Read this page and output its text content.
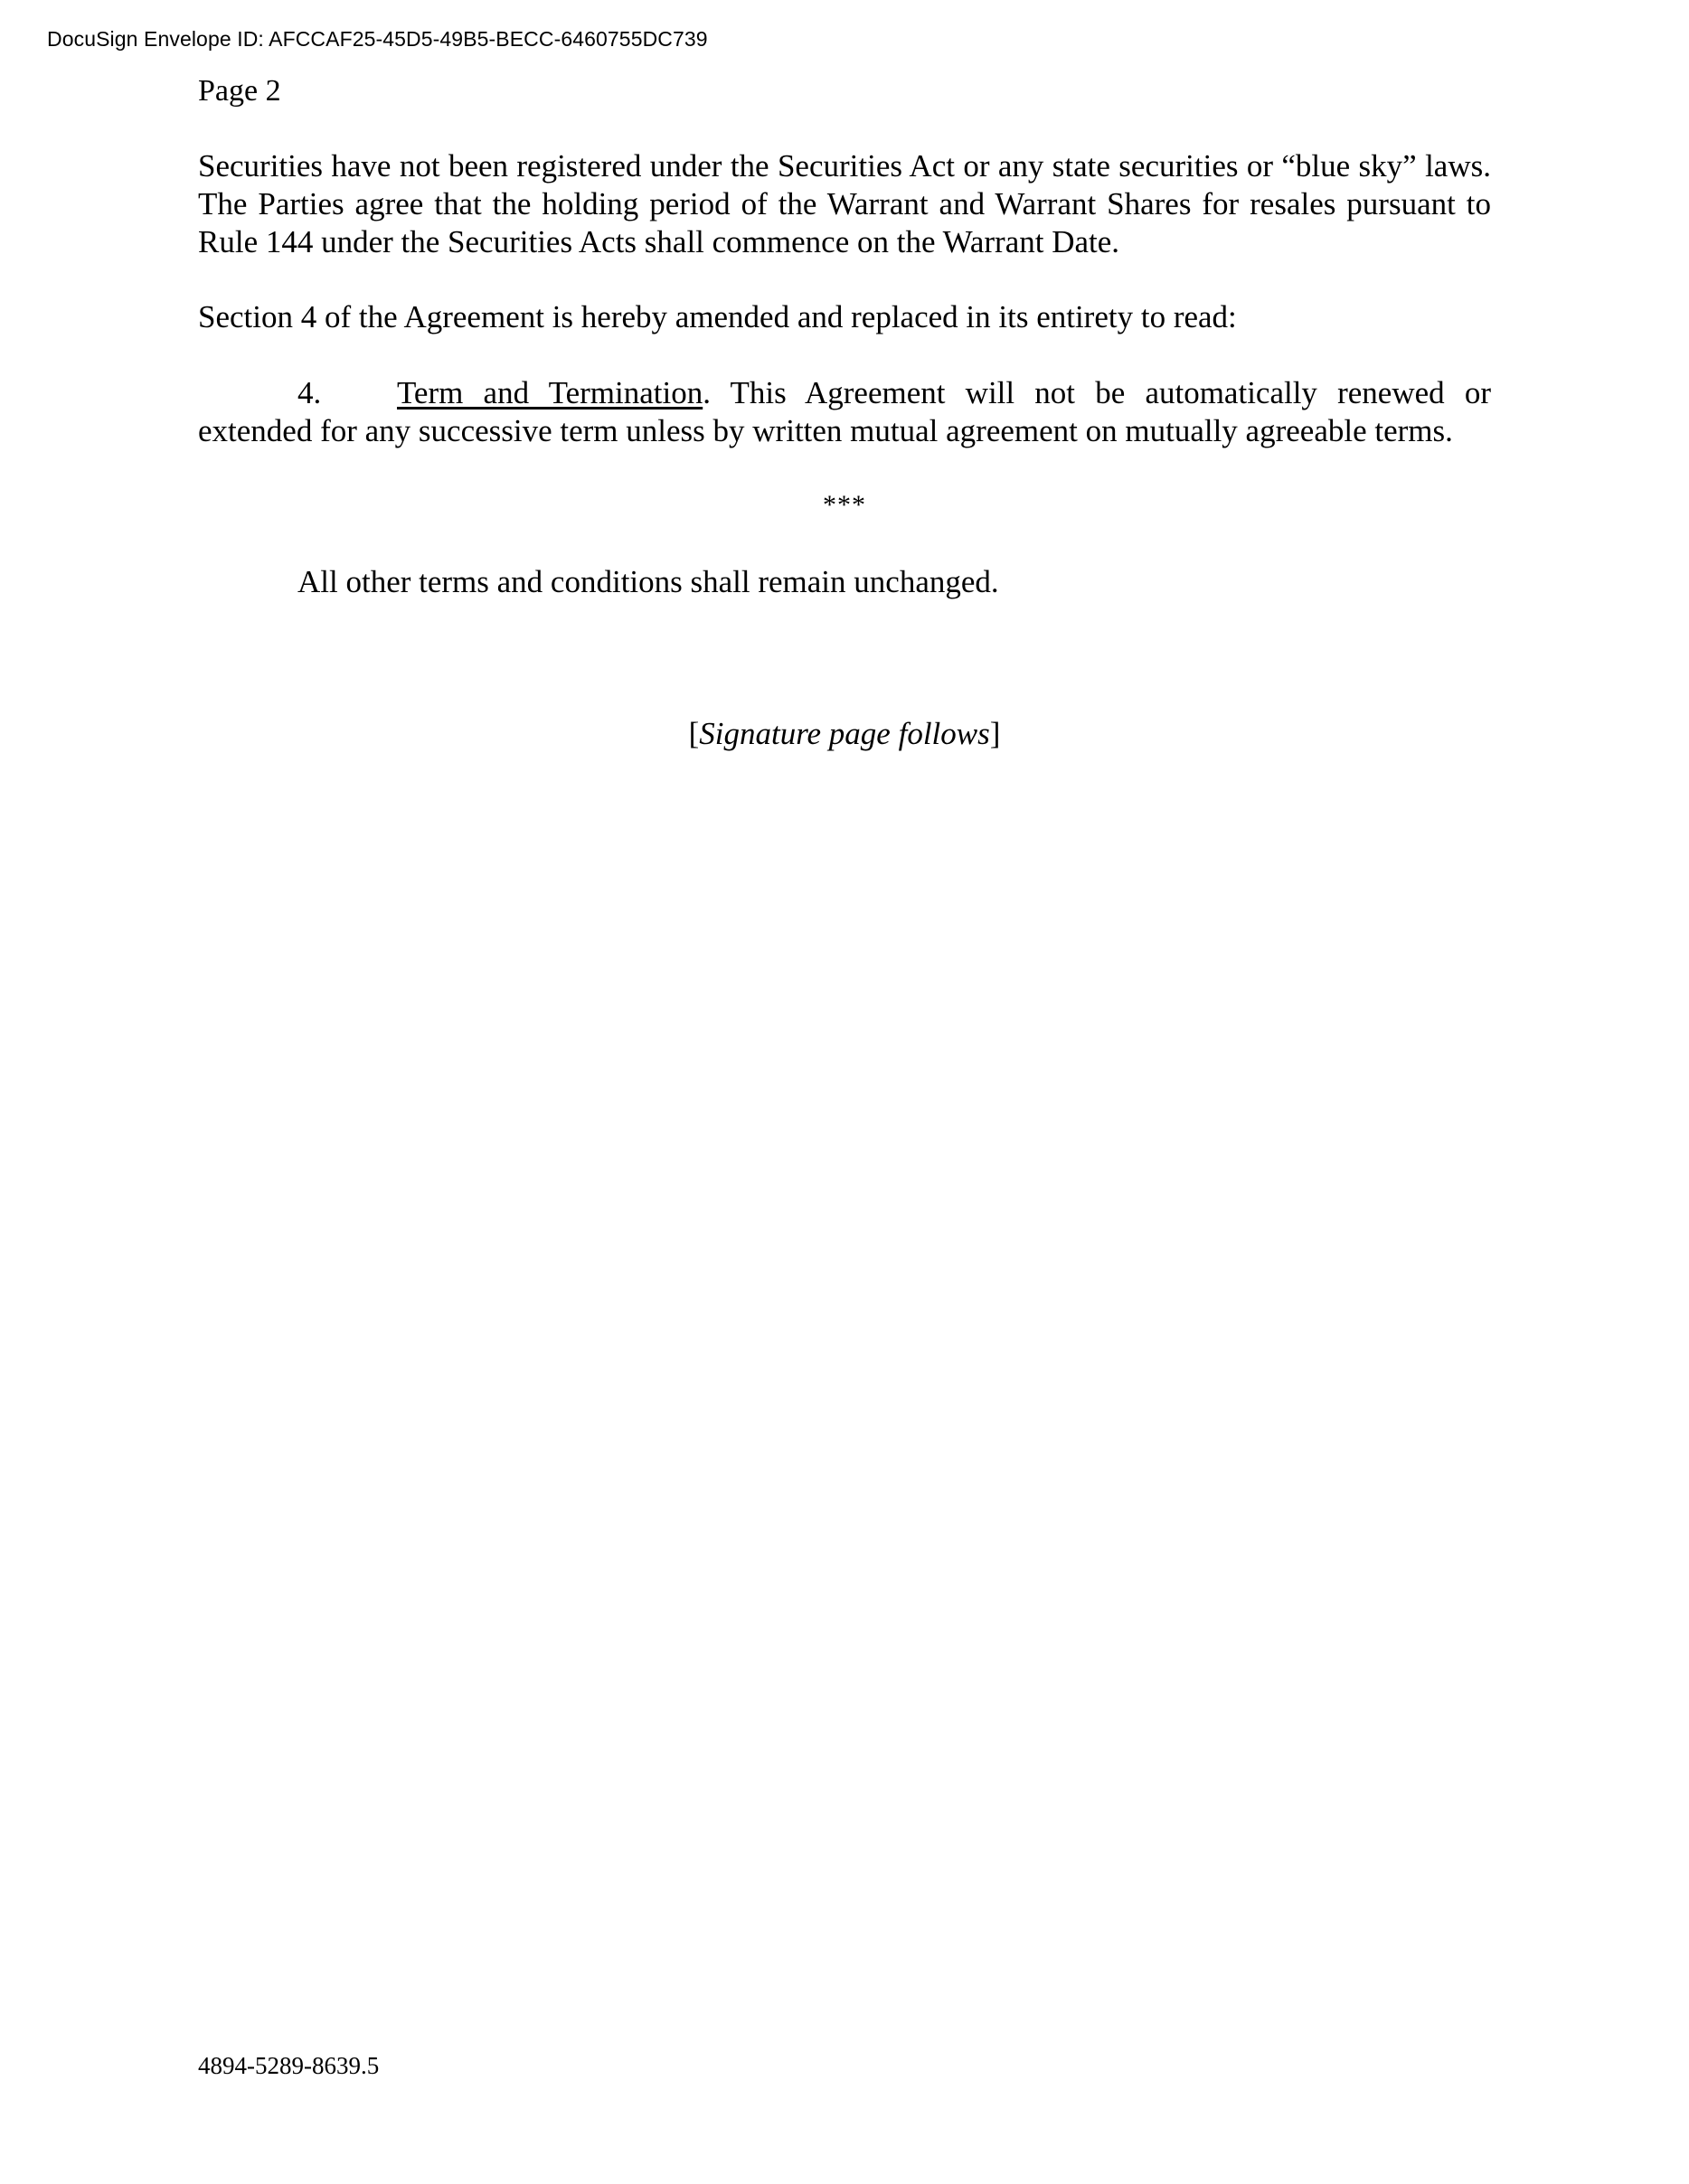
DocuSign Envelope ID: AFCCAF25-45D5-49B5-BECC-6460755DC739
Page 2

Securities have not been registered under the Securities Act or any state securities or “blue sky” laws. The Parties agree that the holding period of the Warrant and Warrant Shares for resales pursuant to Rule 144 under the Securities Acts shall commence on the Warrant Date.

Section 4 of the Agreement is hereby amended and replaced in its entirety to read:

4. Term and Termination. This Agreement will not be automatically renewed or extended for any successive term unless by written mutual agreement on mutually agreeable terms.

***
All other terms and conditions shall remain unchanged.
[Signature page follows]
4894-5289-8639.5
